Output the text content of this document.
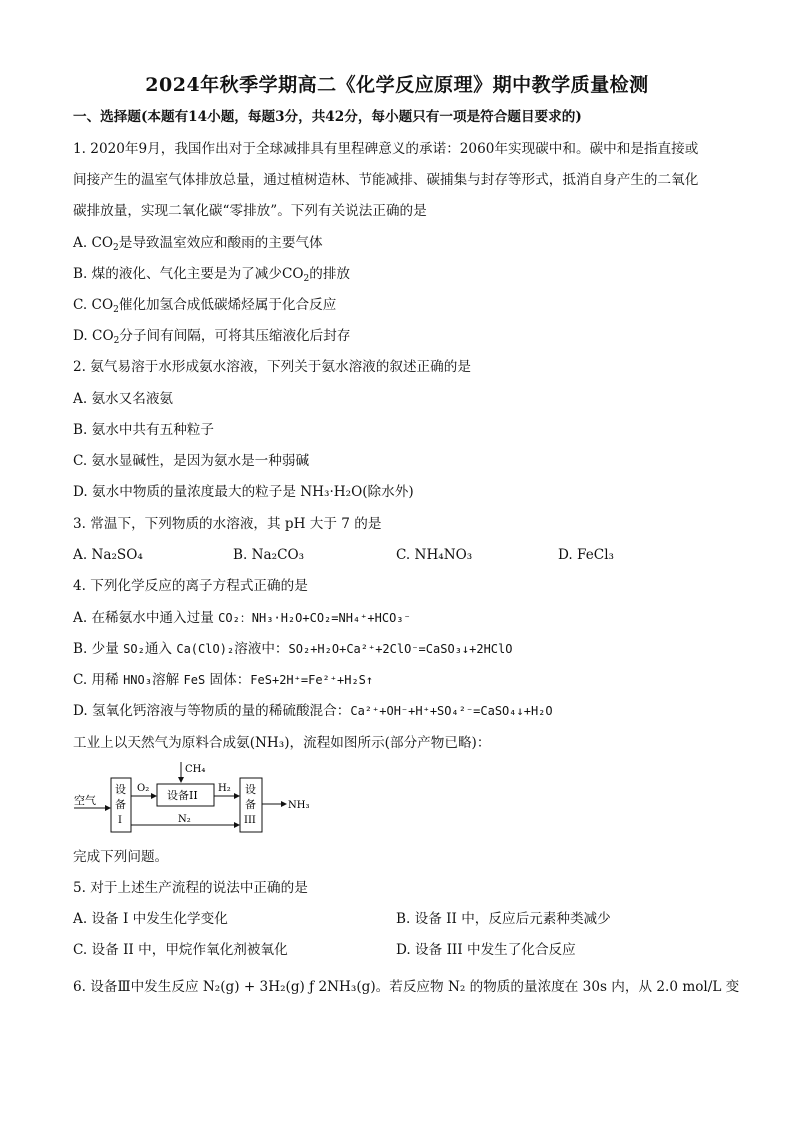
2024年秋季学期高二《化学反应原理》期中教学质量检测
一、选择题(本题有14小题，每题3分，共42分，每小题只有一项是符合题目要求的)
1. 2020年9月，我国作出对于全球减排具有里程碑意义的承诺：2060年实现碳中和。碳中和是指直接或
间接产生的温室气体排放总量，通过植树造林、节能减排、碳捕集与封存等形式，抵消自身产生的二氧化
碳排放量，实现二氧化碳“零排放”。下列有关说法正确的是
A. $CO_2$是导致温室效应和酸雨的主要气体
B. 煤的液化、气化主要是为了减少$CO_2$的排放
C. $CO_2$催化加氢合成低碳烯烃属于化合反应
D. $CO_2$分子间有间隔，可将其压缩液化后封存
2. 氨气易溶于水形成氨水溶液，下列关于氨水溶液的叙述正确的是
A. 氨水又名液氨
B. 氨水中共有五种粒子
C. 氨水显碱性，是因为氨水是一种弱碱
D. 氨水中物质的量浓度最大的粒子是 NH₃·H₂O(除水外)
3. 常温下，下列物质的水溶液，其 pH 大于 7 的是
A. Na₂SO₄	B. Na₂CO₃	C. NH₄NO₃	D. FeCl₃
4. 下列化学反应的离子方程式正确的是
A. 在稀氨水中通入过量 CO₂：NH₃·H₂O+CO₂=NH₄⁺+HCO₃⁻
B. 少量 SO₂通入 Ca(ClO)₂溶液中：SO₂+H₂O+Ca²⁺+2ClO⁻=CaSO₃↓+2HClO
C. 用稀 HNO₃溶解 FeS 固体：FeS+2H⁺=Fe²⁺+H₂S↑
D. 氢氧化钙溶液与等物质的量的稀硫酸混合：Ca²⁺+OH⁻+H⁺+SO₄²⁻=CaSO₄↓+H₂O
工业上以天然气为原料合成氨(NH₃)，流程如图所示(部分产物已略)：
空气
设
备
I
O₂
CH₄
设备II
H₂
N₂
设
备
III
NH₃
完成下列问题。
5. 对于上述生产流程的说法中正确的是
A. 设备 I 中发生化学变化	B. 设备 II 中，反应后元素种类减少
C. 设备 II 中，甲烷作氧化剂被氧化	D. 设备 III 中发生了化合反应
6. 设备Ⅲ中发生反应 N₂(g) + 3H₂(g) ƒ 2NH₃(g)。若反应物 N₂ 的物质的量浓度在 30s 内，从 2.0 mol/L 变
